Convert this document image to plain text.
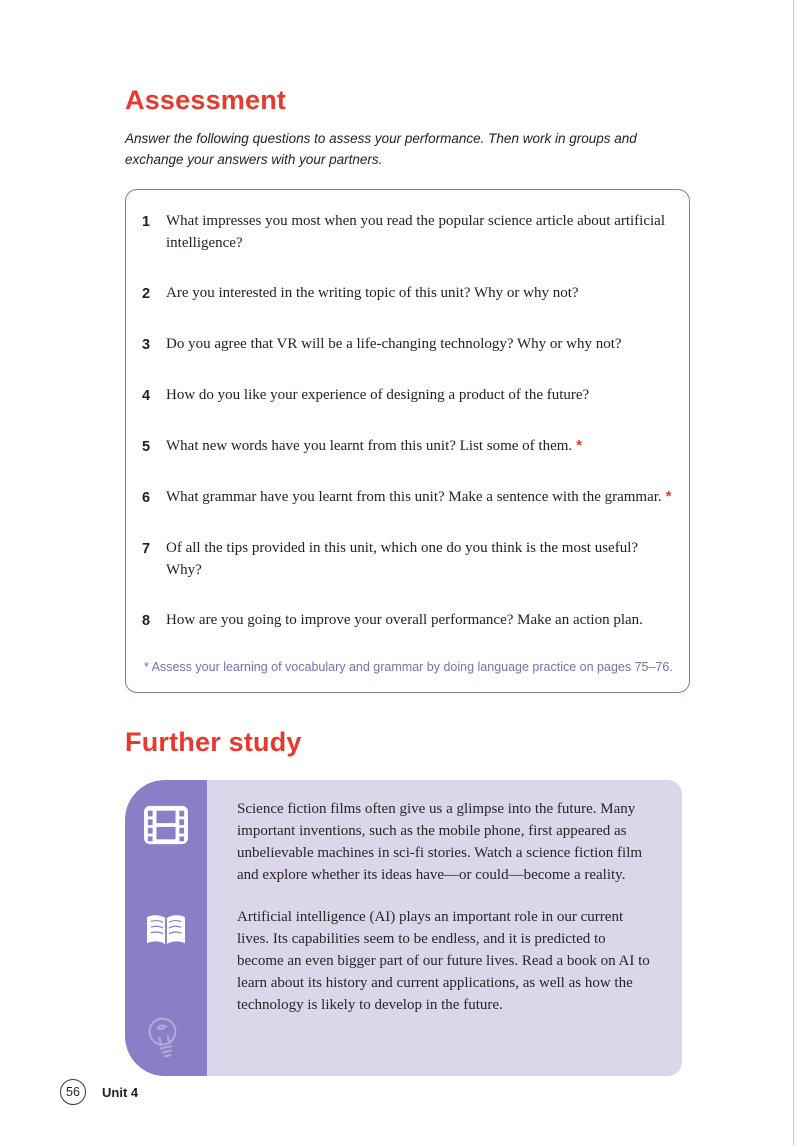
Assessment

Answer the following questions to assess your performance. Then work in groups and exchange your answers with your partners.

1	What impresses you most when you read the popular science article about artificial intelligence?
2	Are you interested in the writing topic of this unit? Why or why not?
3	Do you agree that VR will be a life-changing technology? Why or why not?
4	How do you like your experience of designing a product of the future?
5	What new words have you learnt from this unit? List some of them. *
6	What grammar have you learnt from this unit? Make a sentence with the grammar. *
7	Of all the tips provided in this unit, which one do you think is the most useful? Why?
8	How are you going to improve your overall performance? Make an action plan.

* Assess your learning of vocabulary and grammar by doing language practice on pages 75–76.

Further study

Science fiction films often give us a glimpse into the future. Many important inventions, such as the mobile phone, first appeared as unbelievable machines in sci-fi stories. Watch a science fiction film and explore whether its ideas have—or could—become a reality.

Artificial intelligence (AI) plays an important role in our current lives. Its capabilities seem to be endless, and it is predicted to become an even bigger part of our future lives. Read a book on AI to learn about its history and current applications, as well as how the technology is likely to develop in the future.

56	Unit 4
